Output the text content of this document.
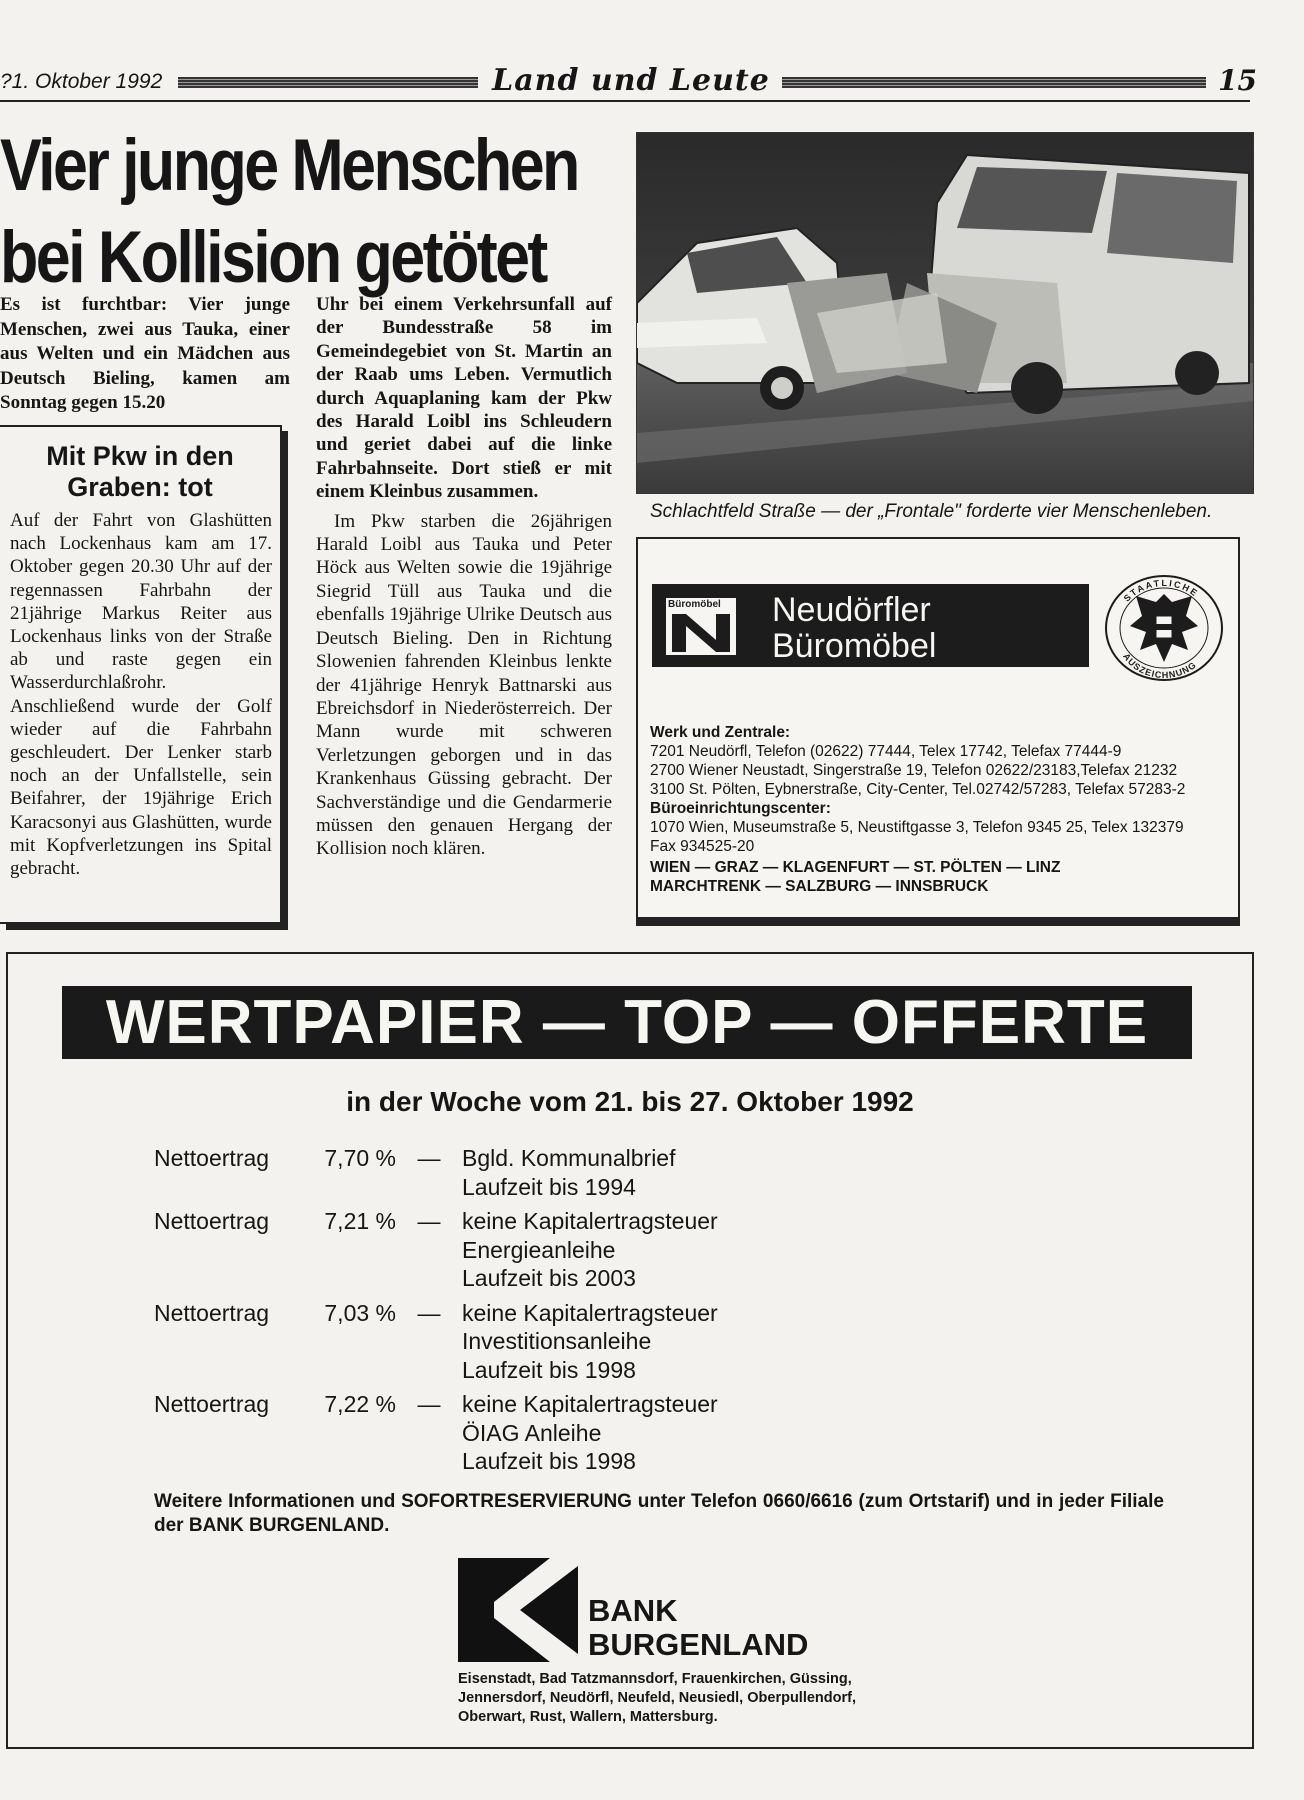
?1. Oktober 1992	Land und Leute	15
Vier junge Menschen
bei Kollision getötet
Es ist furchtbar: Vier junge Menschen, zwei aus Tauka, einer aus Welten und ein Mädchen aus Deutsch Bieling, kamen am Sonntag gegen 15.20
Mit Pkw in den
Graben: tot
Auf der Fahrt von Glashütten nach Lockenhaus kam am 17. Oktober gegen 20.30 Uhr auf der regennassen Fahrbahn der 21jährige Markus Reiter aus Lockenhaus links von der Straße ab und raste gegen ein Wasserdurchlaßrohr. Anschließend wurde der Golf wieder auf die Fahrbahn geschleudert. Der Lenker starb noch an der Unfallstelle, sein Beifahrer, der 19jährige Erich Karacsonyi aus Glashütten, wurde mit Kopfverletzungen ins Spital gebracht.

Uhr bei einem Verkehrsunfall auf der Bundesstraße 58 im Gemeindegebiet von St. Martin an der Raab ums Leben. Vermutlich durch Aquaplaning kam der Pkw des Harald Loibl ins Schleudern und geriet dabei auf die linke Fahrbahnseite. Dort stieß er mit einem Kleinbus zusammen.

Im Pkw starben die 26jährigen Harald Loibl aus Tauka und Peter Höck aus Welten sowie die 19jährige Siegrid Tüll aus Tauka und die ebenfalls 19jährige Ulrike Deutsch aus Deutsch Bieling. Den in Richtung Slowenien fahrenden Kleinbus lenkte der 41jährige Henryk Battnarski aus Ebreichsdorf in Niederösterreich. Der Mann wurde mit schweren Verletzungen geborgen und in das Krankenhaus Güssing gebracht. Der Sachverständige und die Gendarmerie müssen den genauen Hergang der Kollision noch klären.

Schlachtfeld Straße — der „Frontale" forderte vier Menschenleben.
Büromöbel Neudörfler
Büromöbel
STAATLICHE
AUSZEICHNUNG
Werk und Zentrale:
7201 Neudörfl, Telefon (02622) 77444, Telex 17742, Telefax 77444-9
2700 Wiener Neustadt, Singerstraße 19, Telefon 02622/23183,Telefax 21232
3100 St. Pölten, Eybnerstraße, City-Center, Tel.02742/57283, Telefax 57283-2
Büroeinrichtungscenter:
1070 Wien, Museumstraße 5, Neustiftgasse 3, Telefon 9345 25, Telex 132379
Fax 934525-20
WIEN — GRAZ — KLAGENFURT — ST. PÖLTEN — LINZ
MARCHTRENK — SALZBURG — INNSBRUCK
WERTPAPIER — TOP — OFFERTE
in der Woche vom 21. bis 27. Oktober 1992
Nettoertrag	7,70 % — Bgld. Kommunalbrief
Laufzeit bis 1994
Nettoertrag	7,21 % — keine Kapitalertragsteuer
Energieanleihe
Laufzeit bis 2003
Nettoertrag	7,03 % — keine Kapitalertragsteuer
Investitionsanleihe
Laufzeit bis 1998
Nettoertrag	7,22 % — keine Kapitalertragsteuer
ÖIAG Anleihe
Laufzeit bis 1998
Weitere Informationen und SOFORTRESERVIERUNG unter Telefon 0660/6616 (zum Ortstarif) und in jeder Filiale der BANK BURGENLAND.
BANK
BURGENLAND
Eisenstadt, Bad Tatzmannsdorf, Frauenkirchen, Güssing, Jennersdorf, Neudörfl, Neufeld, Neusiedl, Oberpullendorf, Oberwart, Rust, Wallern, Mattersburg.
